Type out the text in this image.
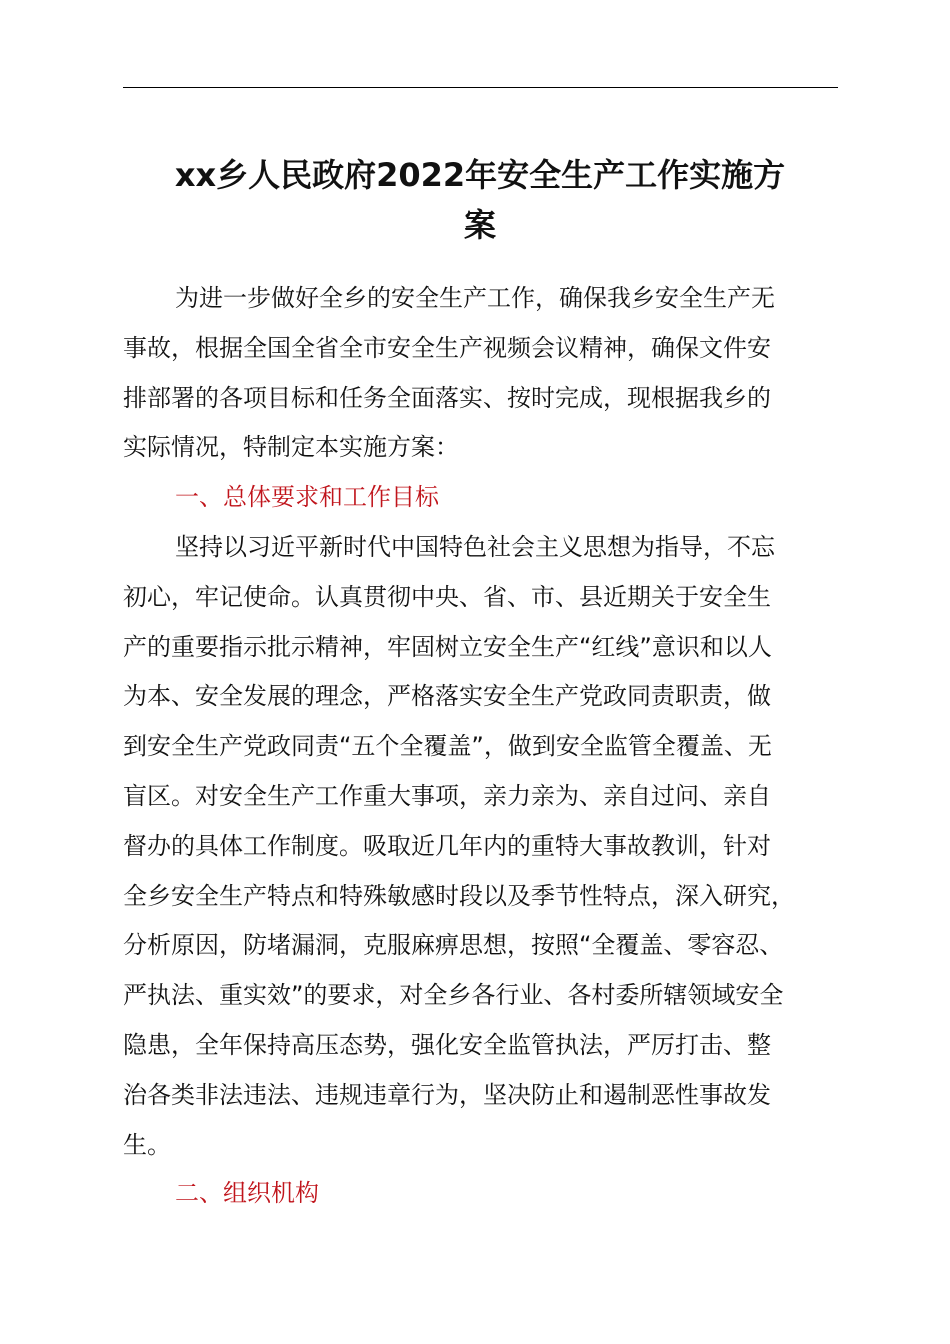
xx乡人民政府2022年安全生产工作实施方
案
为进一步做好全乡的安全生产工作，确保我乡安全生产无
事故，根据全国全省全市安全生产视频会议精神，确保文件安
排部署的各项目标和任务全面落实、按时完成，现根据我乡的
实际情况，特制定本实施方案：
一、总体要求和工作目标
坚持以习近平新时代中国特色社会主义思想为指导，不忘
初心，牢记使命。认真贯彻中央、省、市、县近期关于安全生
产的重要指示批示精神，牢固树立安全生产“红线”意识和以人
为本、安全发展的理念，严格落实安全生产党政同责职责，做
到安全生产党政同责“五个全覆盖”，做到安全监管全覆盖、无
盲区。对安全生产工作重大事项，亲力亲为、亲自过问、亲自
督办的具体工作制度。吸取近几年内的重特大事故教训，针对
全乡安全生产特点和特殊敏感时段以及季节性特点，深入研究，
分析原因，防堵漏洞，克服麻痹思想，按照“全覆盖、零容忍、
严执法、重实效”的要求，对全乡各行业、各村委所辖领域安全
隐患，全年保持高压态势，强化安全监管执法，严厉打击、整
治各类非法违法、违规违章行为，坚决防止和遏制恶性事故发
生。
二、组织机构
